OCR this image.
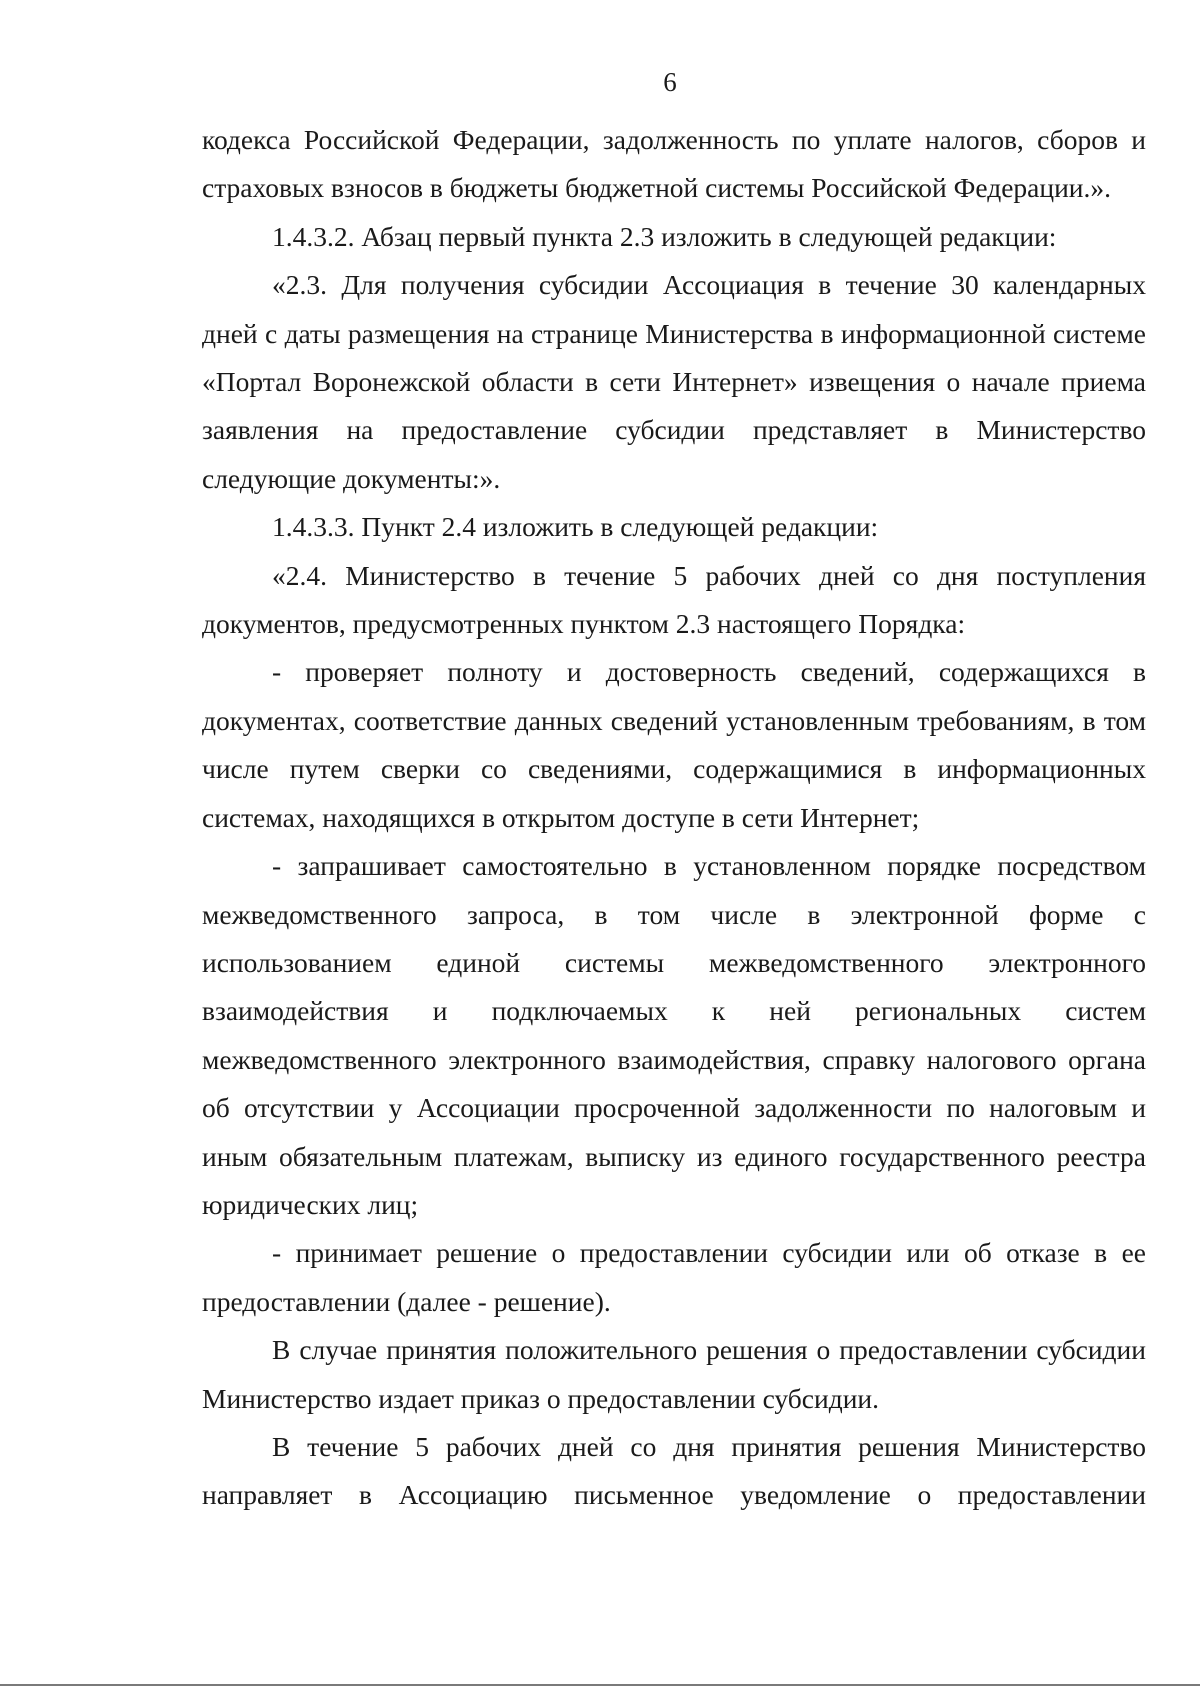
6

кодекса Российской Федерации, задолженность по уплате налогов, сборов и страховых взносов в бюджеты бюджетной системы Российской Федерации.».

1.4.3.2. Абзац первый пункта 2.3 изложить в следующей редакции:

«2.3. Для получения субсидии Ассоциация в течение 30 календарных дней с даты размещения на странице Министерства в информационной системе «Портал Воронежской области в сети Интернет» извещения о начале приема заявления на предоставление субсидии представляет в Министерство следующие документы:».

1.4.3.3. Пункт 2.4 изложить в следующей редакции:

«2.4. Министерство в течение 5 рабочих дней со дня поступления документов, предусмотренных пунктом 2.3 настоящего Порядка:

- проверяет полноту и достоверность сведений, содержащихся в документах, соответствие данных сведений установленным требованиям, в том числе путем сверки со сведениями, содержащимися в информационных системах, находящихся в открытом доступе в сети Интернет;

- запрашивает самостоятельно в установленном порядке посредством межведомственного запроса, в том числе в электронной форме с использованием единой системы межведомственного электронного взаимодействия и подключаемых к ней региональных систем межведомственного электронного взаимодействия, справку налогового органа об отсутствии у Ассоциации просроченной задолженности по налоговым и иным обязательным платежам, выписку из единого государственного реестра юридических лиц;

- принимает решение о предоставлении субсидии или об отказе в ее предоставлении (далее - решение).

В случае принятия положительного решения о предоставлении субсидии Министерство издает приказ о предоставлении субсидии.

В течение 5 рабочих дней со дня принятия решения Министерство направляет в Ассоциацию письменное уведомление о предоставлении
